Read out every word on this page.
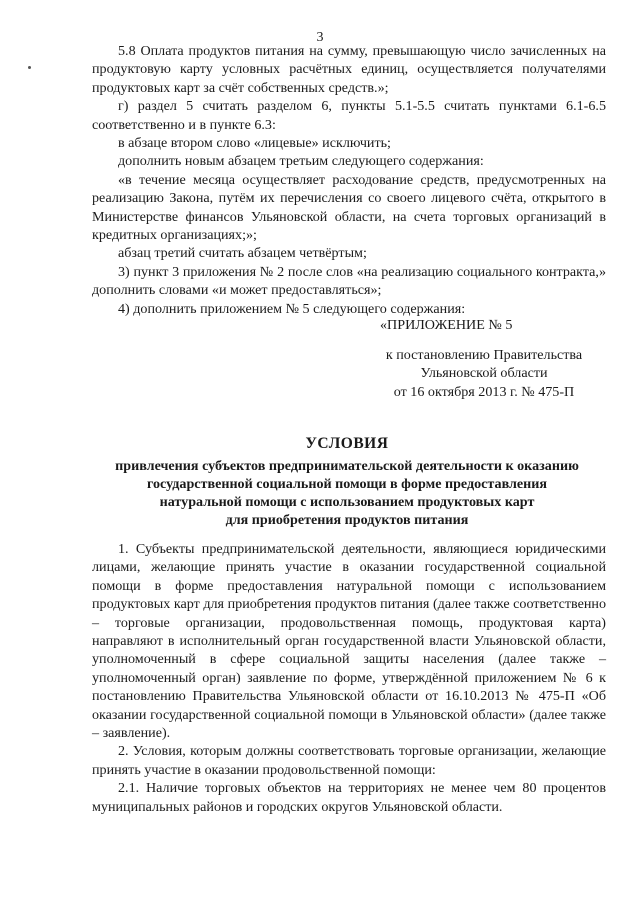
3

5.8 Оплата продуктов питания на сумму, превышающую число зачисленных на продуктовую карту условных расчётных единиц, осуществляется получателями продуктовых карт за счёт собственных средств.»;

г) раздел 5 считать разделом 6, пункты 5.1-5.5 считать пунктами 6.1-6.5 соответственно и в пункте 6.3:

в абзаце втором слово «лицевые» исключить;

дополнить новым абзацем третьим следующего содержания:

«в течение месяца осуществляет расходование средств, предусмотренных на реализацию Закона, путём их перечисления со своего лицевого счёта, открытого в Министерстве финансов Ульяновской области, на счета торговых организаций в кредитных организациях;»;

абзац третий считать абзацем четвёртым;

3) пункт 3 приложения № 2 после слов «на реализацию социального контракта,» дополнить словами «и может предоставляться»;

4) дополнить приложением № 5 следующего содержания:

«ПРИЛОЖЕНИЕ № 5
к постановлению Правительства
Ульяновской области
от 16 октября 2013 г. № 475-П
УСЛОВИЯ
привлечения субъектов предпринимательской деятельности к оказанию
государственной социальной помощи в форме предоставления
натуральной помощи с использованием продуктовых карт
для приобретения продуктов питания

1. Субъекты предпринимательской деятельности, являющиеся юридическими лицами, желающие принять участие в оказании государственной социальной помощи в форме предоставления натуральной помощи с использованием продуктовых карт для приобретения продуктов питания (далее также соответственно – торговые организации, продовольственная помощь, продуктовая карта) направляют в исполнительный орган государственной власти Ульяновской области, уполномоченный в сфере социальной защиты населения (далее также – уполномоченный орган) заявление по форме, утверждённой приложением № 6 к постановлению Правительства Ульяновской области от 16.10.2013 № 475-П «Об оказании государственной социальной помощи в Ульяновской области» (далее также – заявление).

2. Условия, которым должны соответствовать торговые организации, желающие принять участие в оказании продовольственной помощи:

2.1. Наличие торговых объектов на территориях не менее чем 80 процентов муниципальных районов и городских округов Ульяновской области.
